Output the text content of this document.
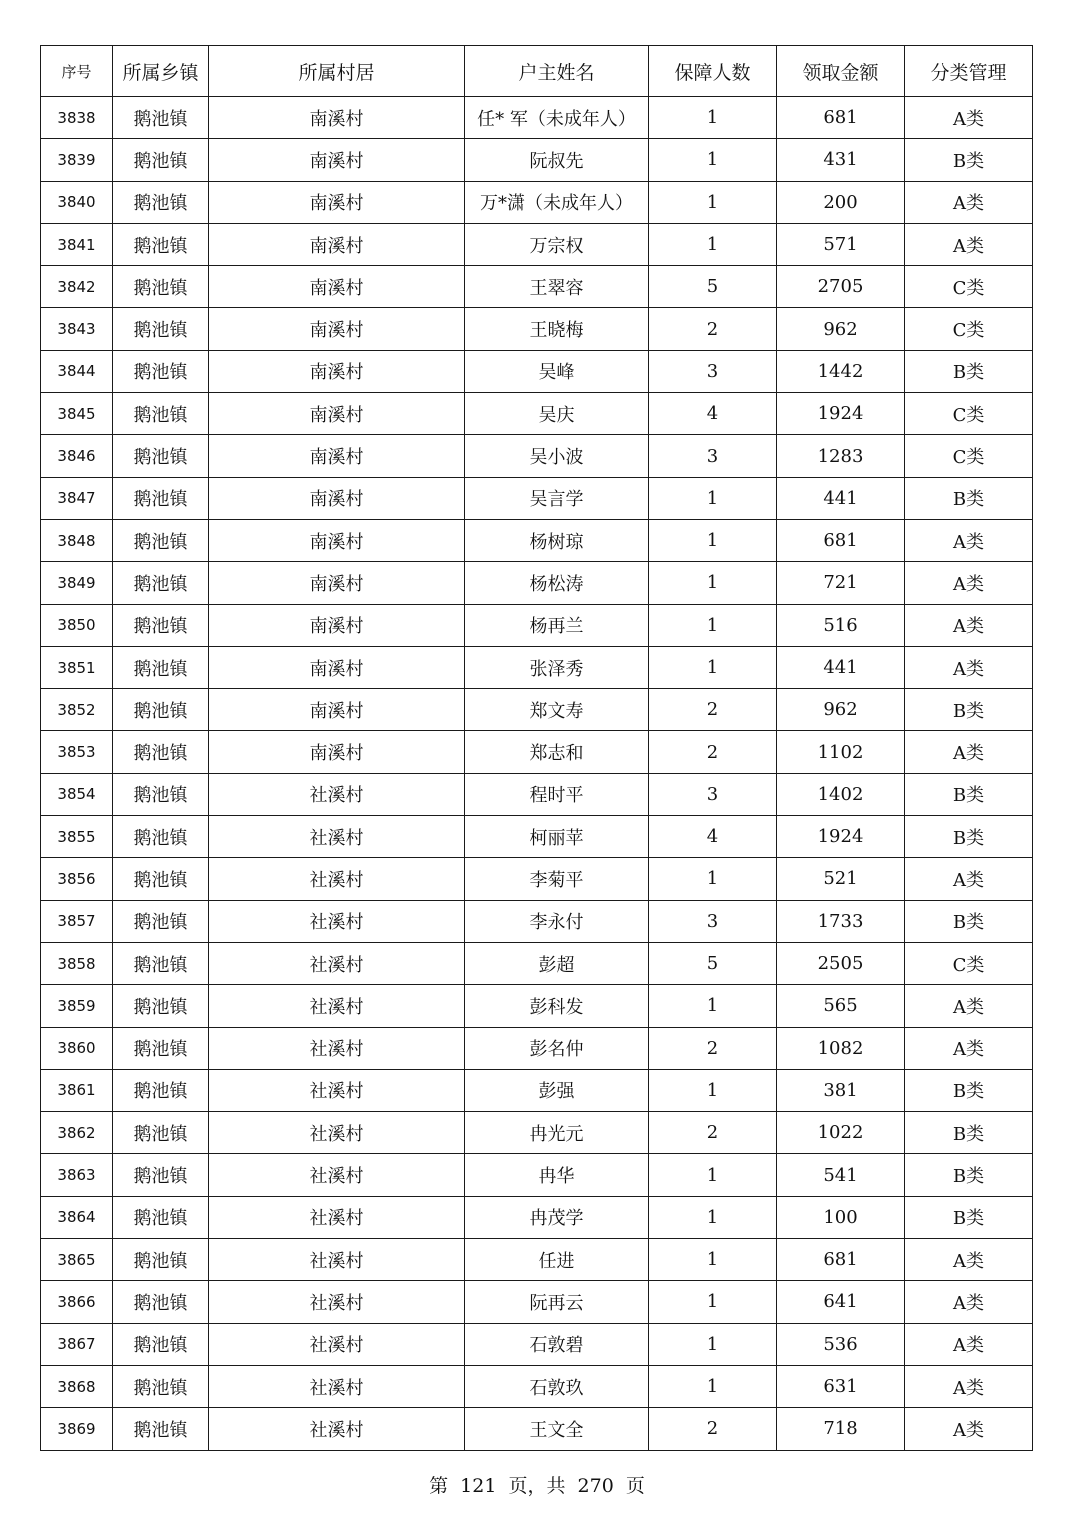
序号	所属乡镇	所属村居	户主姓名	保障人数	领取金额	分类管理
3838	鹅池镇	南溪村	任* 军（未成年人）	1	681	A类
3839	鹅池镇	南溪村	阮叔先	1	431	B类
3840	鹅池镇	南溪村	万*潇（未成年人）	1	200	A类
3841	鹅池镇	南溪村	万宗权	1	571	A类
3842	鹅池镇	南溪村	王翠容	5	2705	C类
3843	鹅池镇	南溪村	王晓梅	2	962	C类
3844	鹅池镇	南溪村	吴峰	3	1442	B类
3845	鹅池镇	南溪村	吴庆	4	1924	C类
3846	鹅池镇	南溪村	吴小波	3	1283	C类
3847	鹅池镇	南溪村	吴言学	1	441	B类
3848	鹅池镇	南溪村	杨树琼	1	681	A类
3849	鹅池镇	南溪村	杨松涛	1	721	A类
3850	鹅池镇	南溪村	杨再兰	1	516	A类
3851	鹅池镇	南溪村	张泽秀	1	441	A类
3852	鹅池镇	南溪村	郑文寿	2	962	B类
3853	鹅池镇	南溪村	郑志和	2	1102	A类
3854	鹅池镇	社溪村	程时平	3	1402	B类
3855	鹅池镇	社溪村	柯丽苹	4	1924	B类
3856	鹅池镇	社溪村	李菊平	1	521	A类
3857	鹅池镇	社溪村	李永付	3	1733	B类
3858	鹅池镇	社溪村	彭超	5	2505	C类
3859	鹅池镇	社溪村	彭科发	1	565	A类
3860	鹅池镇	社溪村	彭名仲	2	1082	A类
3861	鹅池镇	社溪村	彭强	1	381	B类
3862	鹅池镇	社溪村	冉光元	2	1022	B类
3863	鹅池镇	社溪村	冉华	1	541	B类
3864	鹅池镇	社溪村	冉茂学	1	100	B类
3865	鹅池镇	社溪村	任进	1	681	A类
3866	鹅池镇	社溪村	阮再云	1	641	A类
3867	鹅池镇	社溪村	石敦碧	1	536	A类
3868	鹅池镇	社溪村	石敦玖	1	631	A类
3869	鹅池镇	社溪村	王文全	2	718	A类
第 121 页，共 270 页
